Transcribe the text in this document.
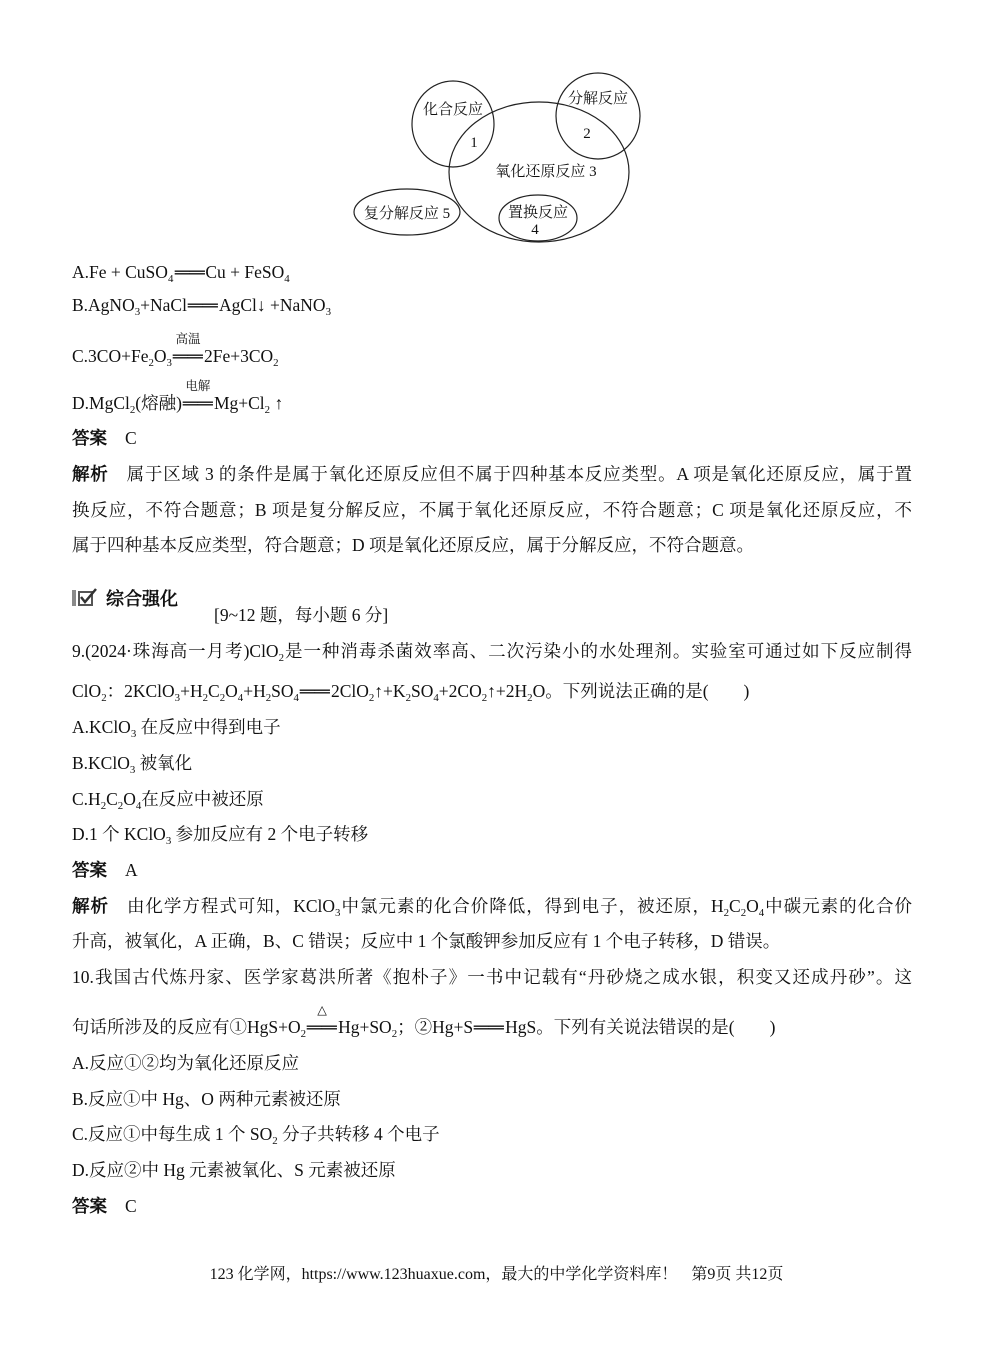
化合反应
1
分解反应
2
氧化还原反应 3
复分解反应 5	置换反应
4
A.Fe + CuSO$_4$══Cu + FeSO$_4$
B.AgNO$_3$+NaCl══AgCl↓ +NaNO$_3$
$C.3CO+Fe_2O_3$
高温
$══2Fe+3CO_2$
D.MgCl$_2$(熔融)
电解
$══Mg+Cl_2$ ↑
答案 C
解析 属于区域 3 的条件是属于氧化还原反应但不属于四种基本反应类型。A 项是氧化还原反应，属于置
换反应，不符合题意；B 项是复分解反应，不属于氧化还原反应，不符合题意；C 项是氧化还原反应，不
属于四种基本反应类型，符合题意；D 项是氧化还原反应，属于分解反应，不符合题意。
综合强化
[9~12 题，每小题 6 分]
9.(2024·珠海高一月考)ClO$_2$是一种消毒杀菌效率高、二次污染小的水处理剂。实验室可通过如下反应制得
ClO$_2$：$2KClO_3+H_2C_2O_4+H_2SO_4══2ClO_2↑+K_2SO_4+2CO_2↑+2H_2O$。下列说法正确的是(　　)
A.KClO$_3$ 在反应中得到电子
B.KClO$_3$ 被氧化
$C.H_2C_2O_4$在反应中被还原
D.1 个 KClO$_3$ 参加反应有 2 个电子转移
答案 A
解析 由化学方程式可知，KClO$_3$中氯元素的化合价降低，得到电子，被还原，$H_2C_2O_4$中碳元素的化合价
升高，被氧化，A 正确，B、C 错误；反应中 1 个氯酸钾参加反应有 1 个电子转移，D 错误。
10.我国古代炼丹家、医学家葛洪所著《抱朴子》一书中记载有“丹砂烧之成水银，积变又还成丹砂”。这
句话所涉及的反应有$①HgS+O_2$
△
$══Hg+SO_2$；②Hg+S══HgS。下列有关说法错误的是(　　)
A.反应①②均为氧化还原反应
B.反应①中 Hg、O 两种元素被还原
C.反应①中每生成 1 个 $SO_2$ 分子共转移 4 个电子
D.反应②中 Hg 元素被氧化、S 元素被还原
答案 C
123 化学网，https://www.123huaxue.com，最大的中学化学资料库！ 第9页 共12页
